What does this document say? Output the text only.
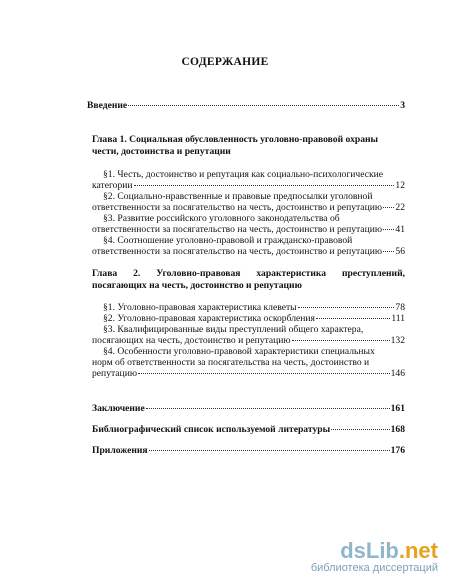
СОДЕРЖАНИЕ
Введение	3
Глава 1. Социальная обусловленность уголовно-правовой охраны
чести, достоинства и репутации
§1. Честь, достоинство и репутация как социально-психологические
категории	12
§2. Социально-нравственные и правовые предпосылки уголовной
ответственности за посягательство на честь, достоинство и репутацию 22
§3. Развитие российского уголовного законодательства об
ответственности за посягательство на честь, достоинство и репутацию 41
§4. Соотношение уголовно-правовой и гражданско-правовой
ответственности за посягательство на честь, достоинство и репутацию 56
Глава 2. Уголовно-правовая характеристика преступлений,
посягающих на честь, достоинство и репутацию
§1. Уголовно-правовая характеристика клеветы	78
§2. Уголовно-правовая характеристика оскорбления	111
§3. Квалифицированные виды преступлений общего характера,
посягающих на честь, достоинство и репутацию	132
§4. Особенности уголовно-правовой характеристики специальных
норм об ответственности за посягательства на честь, достоинство и
репутацию	146
Заключение	161
Библиографический список используемой литературы	168
Приложения	176
dsLib.net
библиотека диссертаций
